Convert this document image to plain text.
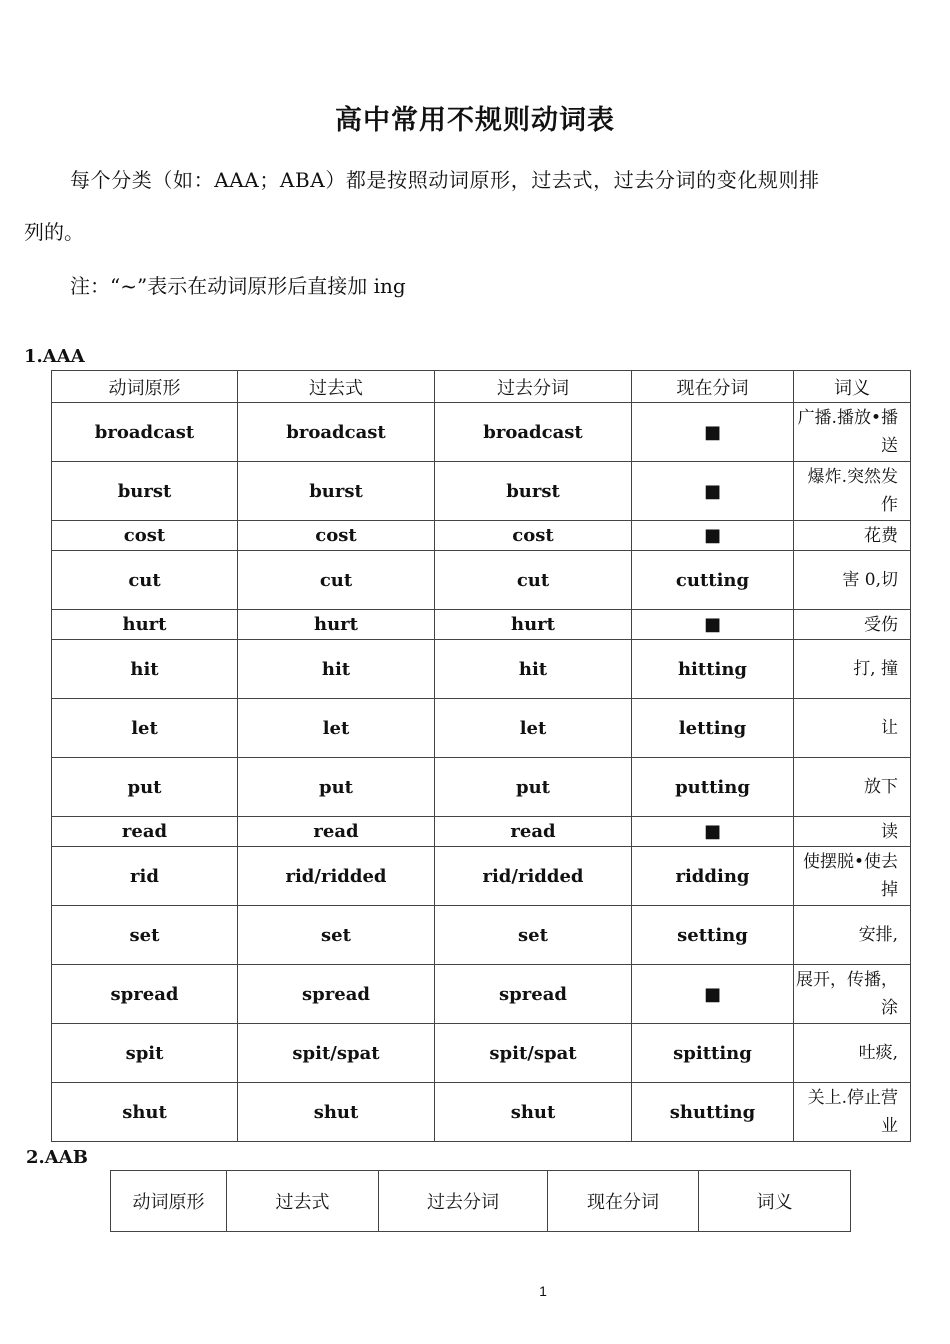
高中常用不规则动词表
每个分类（如：AAA；ABA）都是按照动词原形，过去式，过去分词的变化规则排
列的。
注：“~”表示在动词原形后直接加 ing
1.AAA
动词原形	过去式	过去分词	现在分词	词义
broadcast	broadcast	broadcast	■	广播.播放•播送
burst	burst	burst	■	爆炸.突然发作
cost	cost	cost	■	花费
cut	cut	cut	cutting	害 0,切
hurt	hurt	hurt	■	受伤
hit	hit	hit	hitting	打, 撞
let	let	let	letting	让
put	put	put	putting	放下
read	read	read	■	读
rid	rid/ridded	rid/ridded	ridding	使摆脱•使去掉
set	set	set	setting	安排,
spread	spread	spread	■	展开，传播，涂
spit	spit/spat	spit/spat	spitting	吐痰,
shut	shut	shut	shutting	关上.停止营业
2.AAB
动词原形	过去式	过去分词	现在分词	词义
1
